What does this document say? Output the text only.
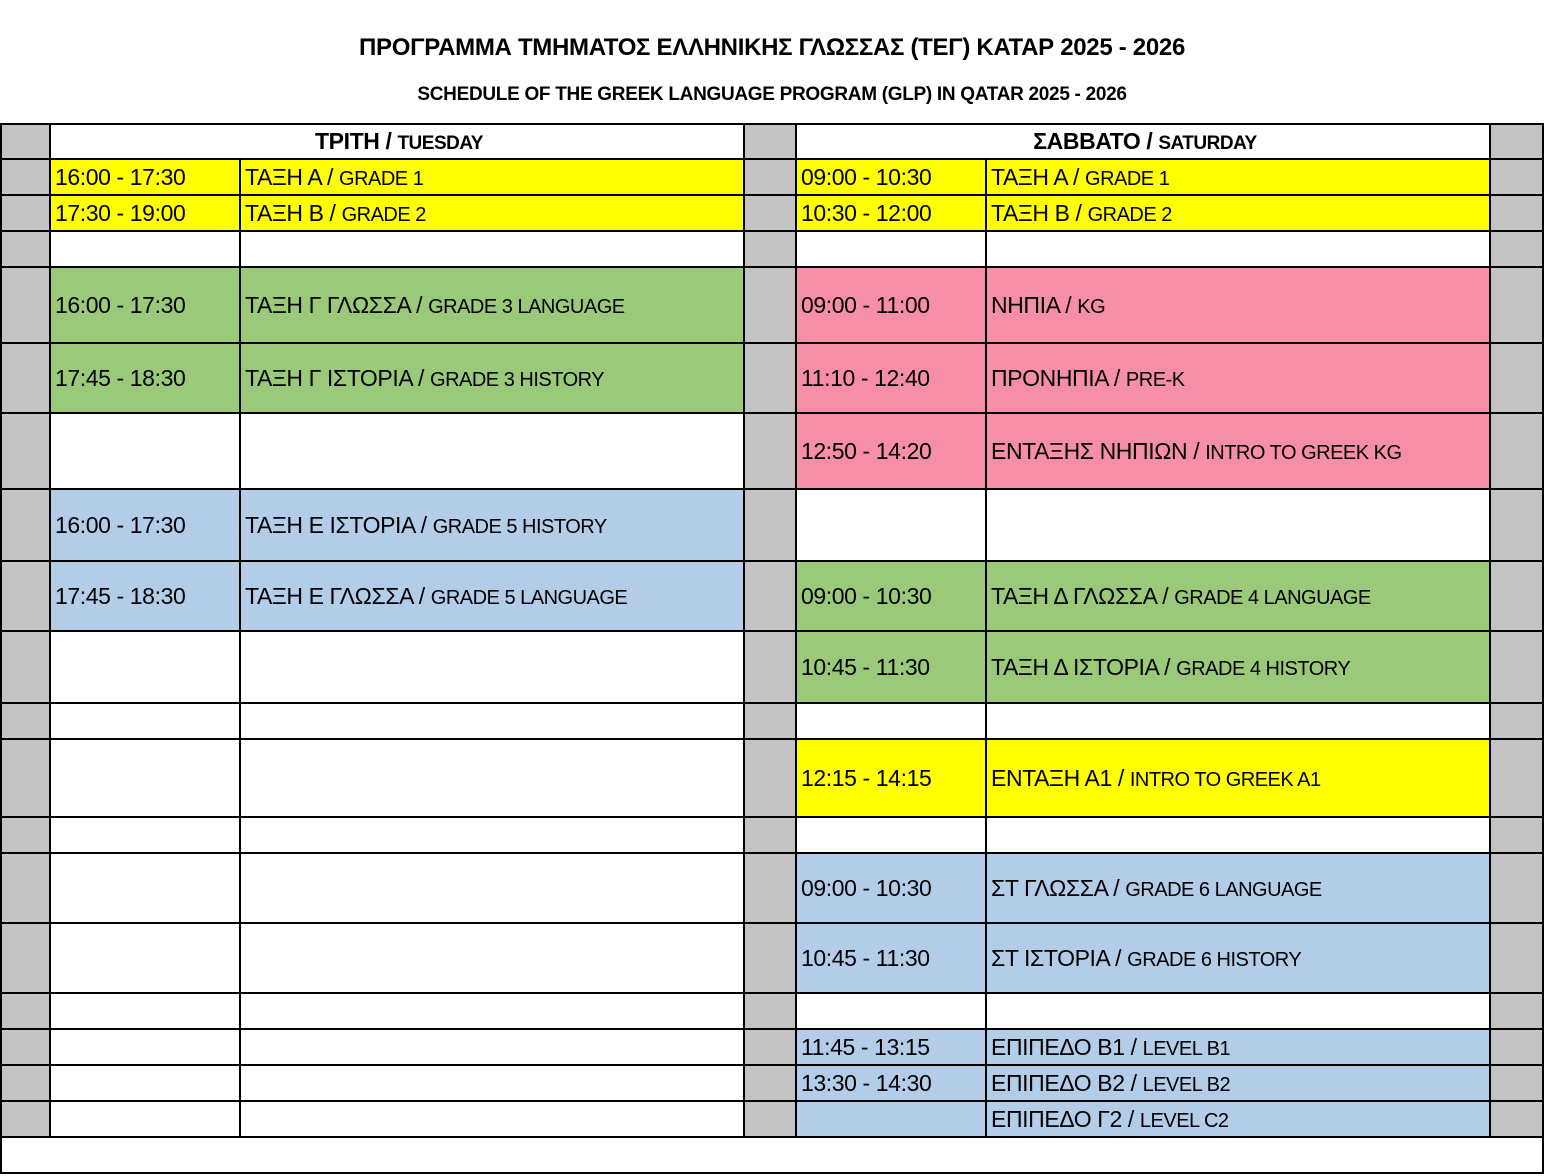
ΠΡΟΓΡΑΜΜΑ ΤΜΗΜΑΤΟΣ ΕΛΛΗΝΙΚΗΣ ΓΛΩΣΣΑΣ (ΤΕΓ) ΚΑΤΑΡ 2025 - 2026
SCHEDULE OF THE GREEK LANGUAGE PROGRAM (GLP) IN QATAR 2025 - 2026
	ΤΡΙΤΗ / TUESDAY			ΣΑΒΒΑΤΟ / SATURDAY		
	16:00 - 17:30	ΤΑΞΗ Α / GRADE 1		09:00 - 10:30	ΤΑΞΗ Α / GRADE 1	
	17:30 - 19:00	ΤΑΞΗ Β / GRADE 2		10:30 - 12:00	ΤΑΞΗ Β / GRADE 2	

	16:00 - 17:30	ΤΑΞΗ Γ ΓΛΩΣΣΑ / GRADE 3 LANGUAGE		09:00 - 11:00	ΝΗΠΙΑ / KG	
	17:45 - 18:30	ΤΑΞΗ Γ ΙΣΤΟΡΙΑ / GRADE 3 HISTORY		11:10 - 12:40	ΠΡΟΝΗΠΙΑ / PRE-K	
				12:50 - 14:20	ΕΝΤΑΞΗΣ ΝΗΠΙΩΝ / INTRO TO GREEK KG	
	16:00 - 17:30	ΤΑΞΗ Ε ΙΣΤΟΡΙΑ / GRADE 5 HISTORY				
	17:45 - 18:30	ΤΑΞΗ Ε ΓΛΩΣΣΑ / GRADE 5 LANGUAGE		09:00 - 10:30	ΤΑΞΗ Δ ΓΛΩΣΣΑ / GRADE 4 LANGUAGE	
				10:45 - 11:30	ΤΑΞΗ Δ ΙΣΤΟΡΙΑ / GRADE 4 HISTORY	

				12:15 - 14:15	ΕΝΤΑΞΗ Α1 / INTRO TO GREEK A1	

				09:00 - 10:30	ΣΤ ΓΛΩΣΣΑ / GRADE 6 LANGUAGE	
				10:45 - 11:30	ΣΤ ΙΣΤΟΡΙΑ / GRADE 6 HISTORY	

				11:45 - 13:15	ΕΠΙΠΕΔΟ Β1 / LEVEL B1	
				13:30 - 14:30	ΕΠΙΠΕΔΟ Β2 / LEVEL B2	
					ΕΠΙΠΕΔΟ Γ2 / LEVEL C2	
